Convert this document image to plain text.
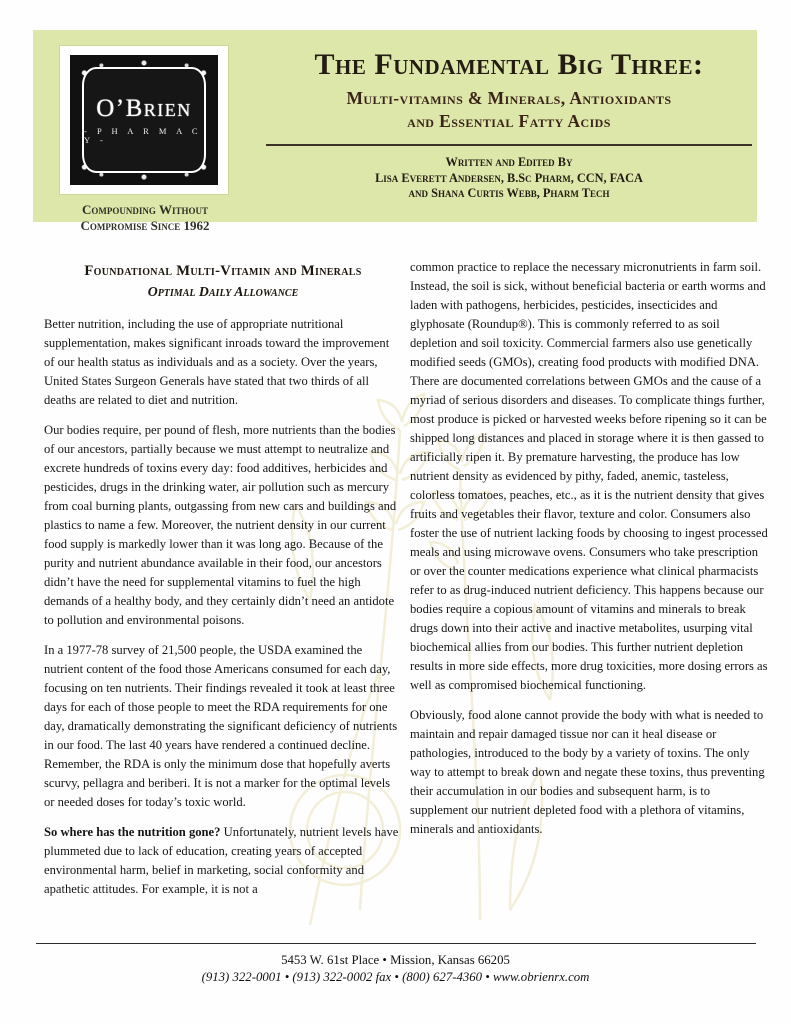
O’Brien
- P H A R M A C Y -
Compounding Without
Compromise Since 1962
The Fundamental Big Three:
Multi-vitamins & Minerals, Antioxidants
and Essential Fatty Acids
Written and Edited By
Lisa Everett Andersen, B.Sc Pharm, CCN, FACA
and Shana Curtis Webb, Pharm Tech
Foundational Multi-Vitamin and Minerals
Optimal Daily Allowance

Better nutrition, including the use of appropriate nutritional supplementation, makes significant inroads toward the improvement of our health status as individuals and as a society. Over the years, United States Surgeon Generals have stated that two thirds of all deaths are related to diet and nutrition.

Our bodies require, per pound of flesh, more nutrients than the bodies of our ancestors, partially because we must attempt to neutralize and excrete hundreds of toxins every day: food additives, herbicides and pesticides, drugs in the drinking water, air pollution such as mercury from coal burning plants, outgassing from new cars and buildings and plastics to name a few. Moreover, the nutrient density in our current food supply is markedly lower than it was long ago. Because of the purity and nutrient abundance available in their food, our ancestors didn’t have the need for supplemental vitamins to fuel the high demands of a healthy body, and they certainly didn’t need an antidote to pollution and environmental poisons.

In a 1977-78 survey of 21,500 people, the USDA examined the nutrient content of the food those Americans consumed for each day, focusing on ten nutrients. Their findings revealed it took at least three days for each of those people to meet the RDA requirements for one day, dramatically demonstrating the significant deficiency of nutrients in our food. The last 40 years have rendered a continued decline. Remember, the RDA is only the minimum dose that hopefully averts scurvy, pellagra and beriberi. It is not a marker for the optimal levels or needed doses for today’s toxic world.

So where has the nutrition gone? Unfortunately, nutrient levels have plummeted due to lack of education, creating years of accepted environmental harm, belief in marketing, social conformity and apathetic attitudes. For example, it is not a

common practice to replace the necessary micronutrients in farm soil. Instead, the soil is sick, without beneficial bacteria or earth worms and laden with pathogens, herbicides, pesticides, insecticides and glyphosate (Roundup®). This is commonly referred to as soil depletion and soil toxicity. Commercial farmers also use genetically modified seeds (GMOs), creating food products with modified DNA. There are documented correlations between GMOs and the cause of a myriad of serious disorders and diseases. To complicate things further, most produce is picked or harvested weeks before ripening so it can be shipped long distances and placed in storage where it is then gassed to artificially ripen it. By premature harvesting, the produce has low nutrient density as evidenced by pithy, faded, anemic, tasteless, colorless tomatoes, peaches, etc., as it is the nutrient density that gives fruits and vegetables their flavor, texture and color. Consumers also foster the use of nutrient lacking foods by choosing to ingest processed meals and using microwave ovens. Consumers who take prescription or over the counter medications experience what clinical pharmacists refer to as drug-induced nutrient deficiency. This happens because our bodies require a copious amount of vitamins and minerals to break drugs down into their active and inactive metabolites, usurping vital biochemical allies from our bodies. This further nutrient depletion results in more side effects, more drug toxicities, more dosing errors as well as compromised biochemical functioning.

Obviously, food alone cannot provide the body with what is needed to maintain and repair damaged tissue nor can it heal disease or pathologies, introduced to the body by a variety of toxins. The only way to attempt to break down and negate these toxins, thus preventing their accumulation in our bodies and subsequent harm, is to supplement our nutrient depleted food with a plethora of vitamins, minerals and antioxidants.

5453 W. 61st Place • Mission, Kansas 66205
(913) 322-0001 • (913) 322-0002 fax • (800) 627-4360 • www.obrienrx.com
